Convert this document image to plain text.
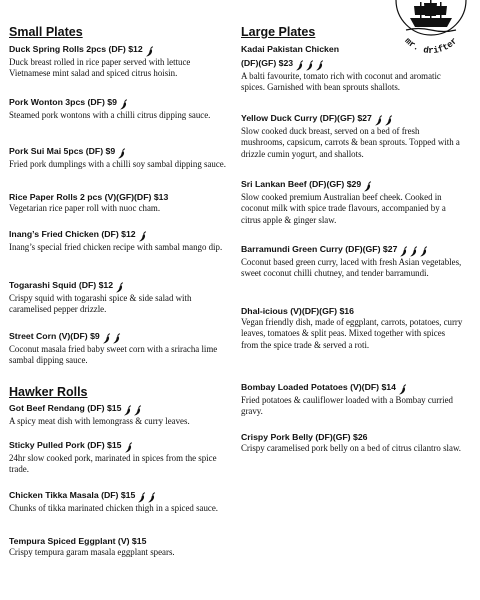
mr. drifter
Small Plates
Duck Spring Rolls 2pcs (DF) $12
Duck breast rolled in rice paper served with lettuce Vietnamese mint salad and spiced citrus hoisin.
Pork Wonton 3pcs (DF) $9
Steamed pork wontons with a chilli citrus dipping sauce.
Pork Sui Mai 5pcs (DF) $9
Fried pork dumplings with a chilli soy sambal dipping sauce.
Rice Paper Rolls 2 pcs (V)(GF)(DF) $13
Vegetarian rice paper roll with nuoc cham.
Inang’s Fried Chicken (DF) $12
Inang’s special fried chicken recipe with sambal mango dip.
Togarashi Squid (DF) $12
Crispy squid with togarashi spice & side salad with caramelised pepper drizzle.
Street Corn (V)(DF) $9
Coconut masala fried baby sweet corn with a sriracha lime sambal dipping sauce.
Hawker Rolls
Got Beef Rendang (DF) $15
A spicy meat dish with lemongrass & curry leaves.
Sticky Pulled Pork (DF) $15
24hr slow cooked pork, marinated in spices from the spice trade.
Chicken Tikka Masala (DF) $15
Chunks of tikka marinated chicken thigh in a spiced sauce.
Tempura Spiced Eggplant (V) $15
Crispy tempura garam masala eggplant spears.
Large Plates
Kadai Pakistan Chicken
(DF)(GF) $23
A balti favourite, tomato rich with coconut and aromatic spices. Garnished with bean sprouts shallots.
Yellow Duck Curry (DF)(GF) $27
Slow cooked duck breast, served on a bed of fresh mushrooms, capsicum, carrots & bean sprouts. Topped with a drizzle cumin yogurt, and shallots.
Sri Lankan Beef (DF)(GF) $29
Slow cooked premium Australian beef cheek. Cooked in coconut milk with spice trade flavours, accompanied by a citrus apple & ginger slaw.
Barramundi Green Curry (DF)(GF) $27
Coconut based green curry, laced with fresh Asian vegetables, sweet coconut chilli chutney, and tender barramundi.
Dhal-icious (V)(DF)(GF) $16
Vegan friendly dish, made of eggplant, carrots, potatoes, curry leaves, tomatoes & split peas. Mixed together with spices from the spice trade & served a roti.
Bombay Loaded Potatoes (V)(DF) $14
Fried potatoes & cauliflower loaded with a Bombay curried gravy.
Crispy Pork Belly (DF)(GF) $26
Crispy caramelised pork belly on a bed of citrus cilantro slaw.
